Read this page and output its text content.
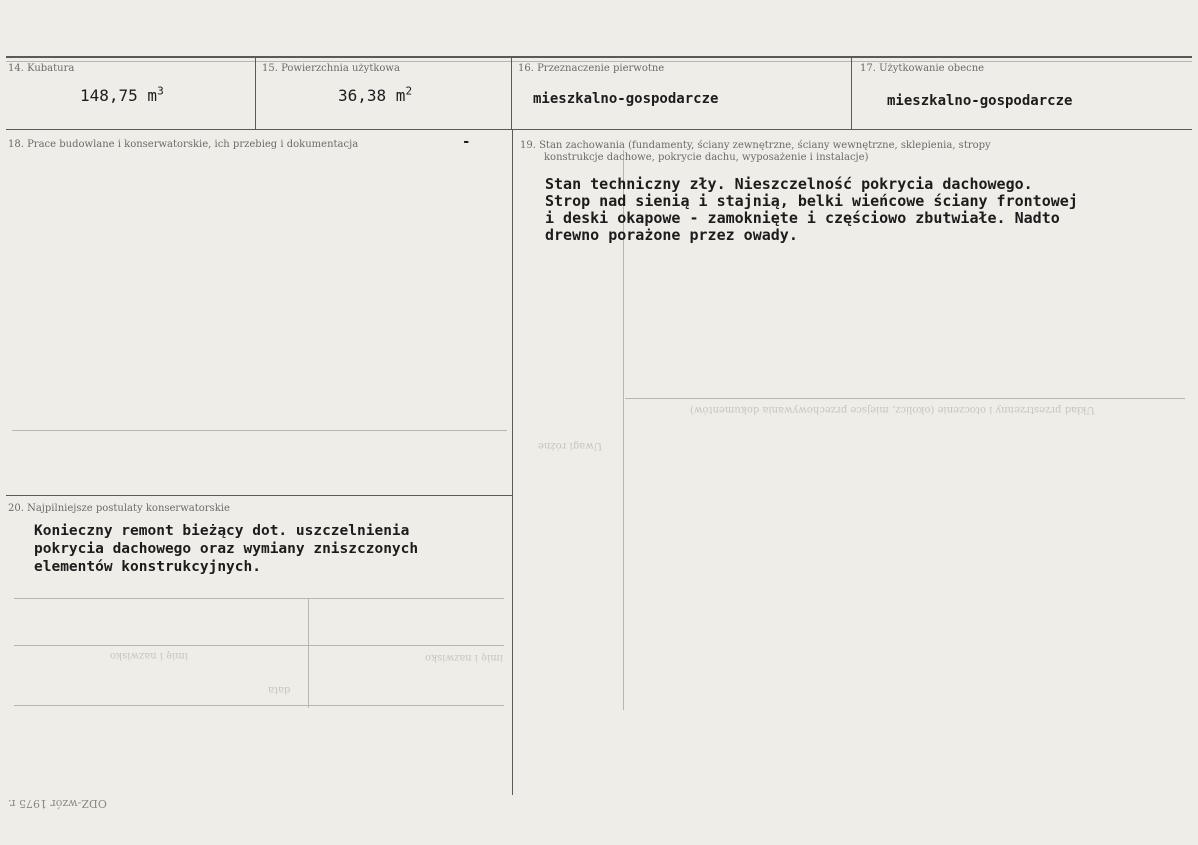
14. Kubatura
148,75 $m^3$
15. Powierzchnia użytkowa
36,38 $m^2$
16. Przeznaczenie pierwotne
mieszkalno-gospodarcze
17. Użytkowanie obecne
mieszkalno-gospodarcze
18. Prace budowlane i konserwatorskie, ich przebieg i dokumentacja	-	19. Stan zachowania (fundamenty, ściany zewnętrzne, ściany wewnętrzne, sklepienia, stropy
konstrukcje dachowe, pokrycie dachu, wyposażenie i instalacje)
Stan techniczny zły. Nieszczelność pokrycia dachowego.
Strop nad sienią i stajnią, belki wieńcowe ściany frontowej
i deski okapowe - zamoknięte i częściowo zbutwiałe. Nadto
drewno porażone przez owady.
20. Najpilniejsze postulaty konserwatorskie
Konieczny remont bieżący dot. uszczelnienia
pokrycia dachowego oraz wymiany zniszczonych
elementów konstrukcyjnych.
Układ przestrzenny i otoczenie (okolicz, miejsce przechowywania dokumentów)
Uwagi różne
imię i nazwisko	imię i nazwisko
data
ODZ-wzór 1975 r.
